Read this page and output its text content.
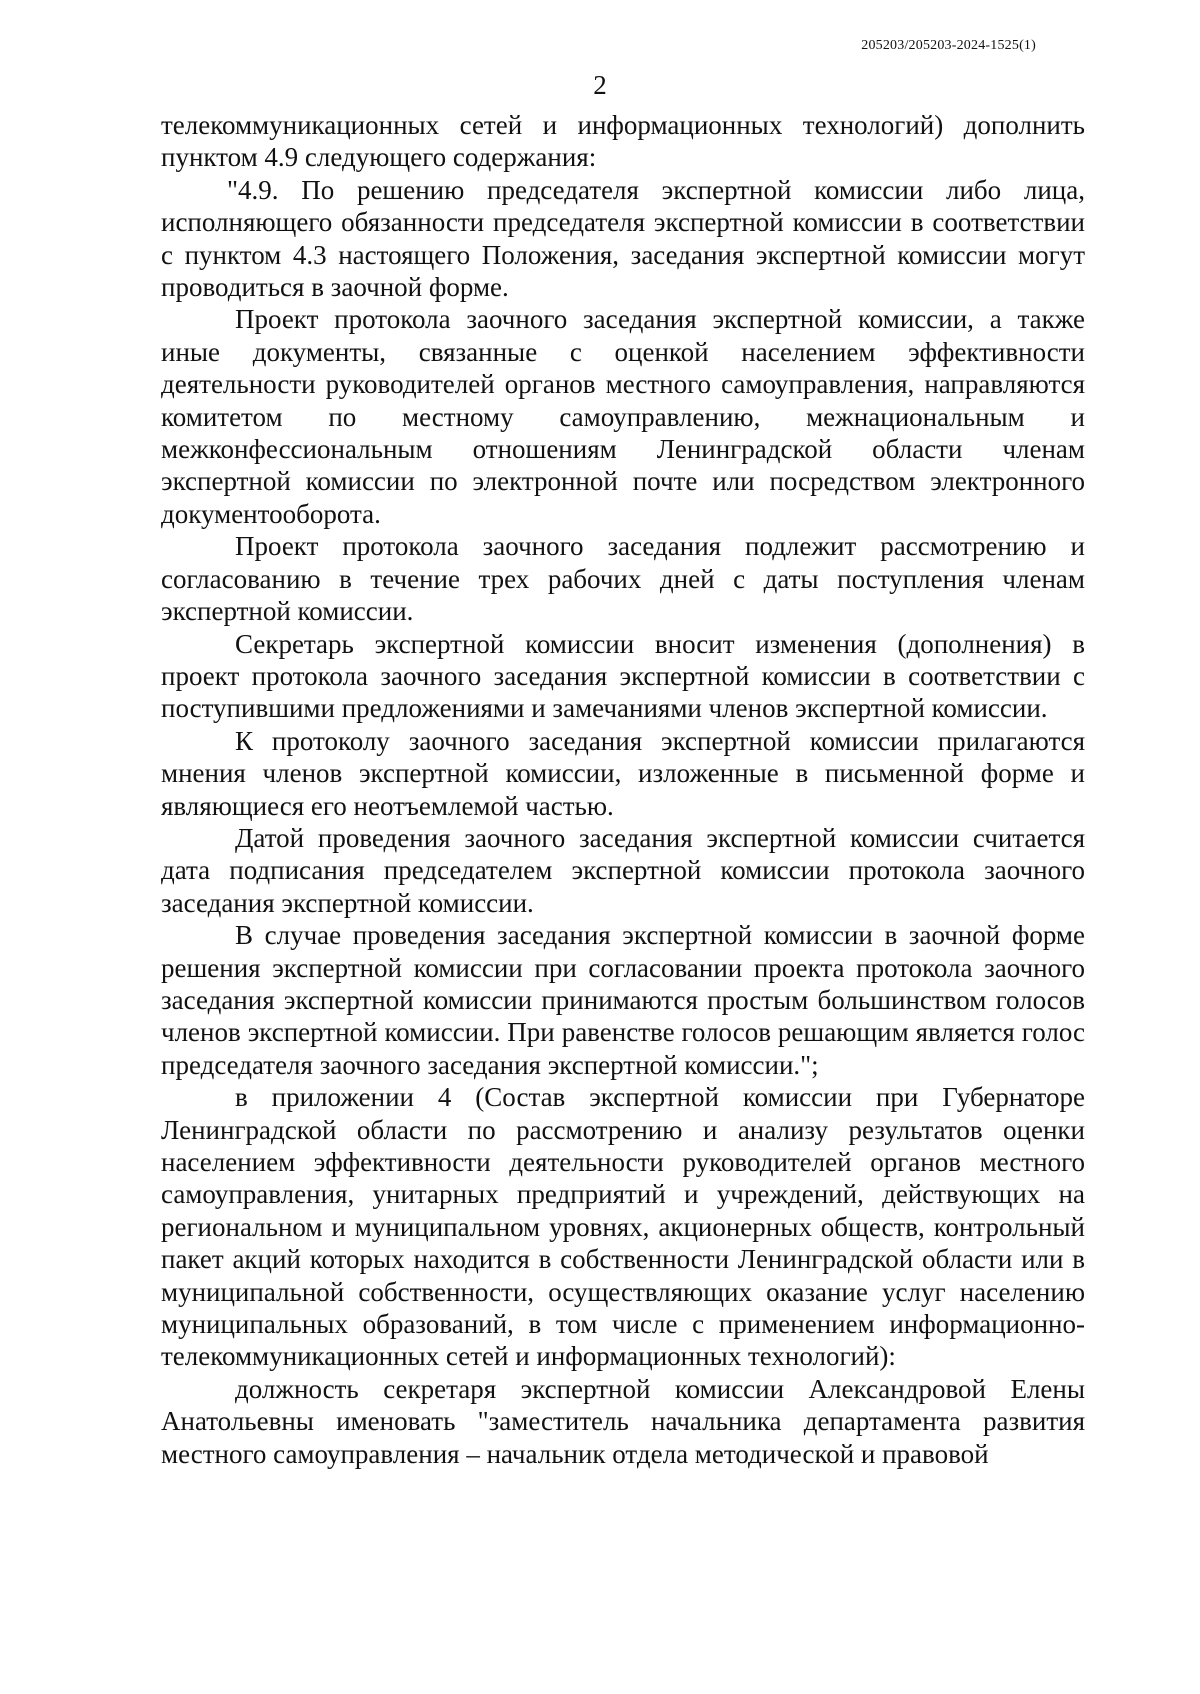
205203/205203-2024-1525(1)
2

телекоммуникационных сетей и информационных технологий) дополнить пунктом 4.9 следующего содержания:

"4.9. По решению председателя экспертной комиссии либо лица, исполняющего обязанности председателя экспертной комиссии в соответствии с пунктом 4.3 настоящего Положения, заседания экспертной комиссии могут проводиться в заочной форме.

Проект протокола заочного заседания экспертной комиссии, а также иные документы, связанные с оценкой населением эффективности деятельности руководителей органов местного самоуправления, направляются комитетом по местному самоуправлению, межнациональным и межконфессиональным отношениям Ленинградской области членам экспертной комиссии по электронной почте или посредством электронного документооборота.

Проект протокола заочного заседания подлежит рассмотрению и согласованию в течение трех рабочих дней с даты поступления членам экспертной комиссии.

Секретарь экспертной комиссии вносит изменения (дополнения) в проект протокола заочного заседания экспертной комиссии в соответствии с поступившими предложениями и замечаниями членов экспертной комиссии.

К протоколу заочного заседания экспертной комиссии прилагаются мнения членов экспертной комиссии, изложенные в письменной форме и являющиеся его неотъемлемой частью.

Датой проведения заочного заседания экспертной комиссии считается дата подписания председателем экспертной комиссии протокола заочного заседания экспертной комиссии.

В случае проведения заседания экспертной комиссии в заочной форме решения экспертной комиссии при согласовании проекта протокола заочного заседания экспертной комиссии принимаются простым большинством голосов членов экспертной комиссии. При равенстве голосов решающим является голос председателя заочного заседания экспертной комиссии.";

в приложении 4 (Состав экспертной комиссии при Губернаторе Ленинградской области по рассмотрению и анализу результатов оценки населением эффективности деятельности руководителей органов местного самоуправления, унитарных предприятий и учреждений, действующих на региональном и муниципальном уровнях, акционерных обществ, контрольный пакет акций которых находится в собственности Ленинградской области или в муниципальной собственности, осуществляющих оказание услуг населению муниципальных образований, в том числе с применением информационно-телекоммуникационных сетей и информационных технологий):

должность секретаря экспертной комиссии Александровой Елены Анатольевны именовать "заместитель начальника департамента развития местного самоуправления – начальник отдела методической и правовой
